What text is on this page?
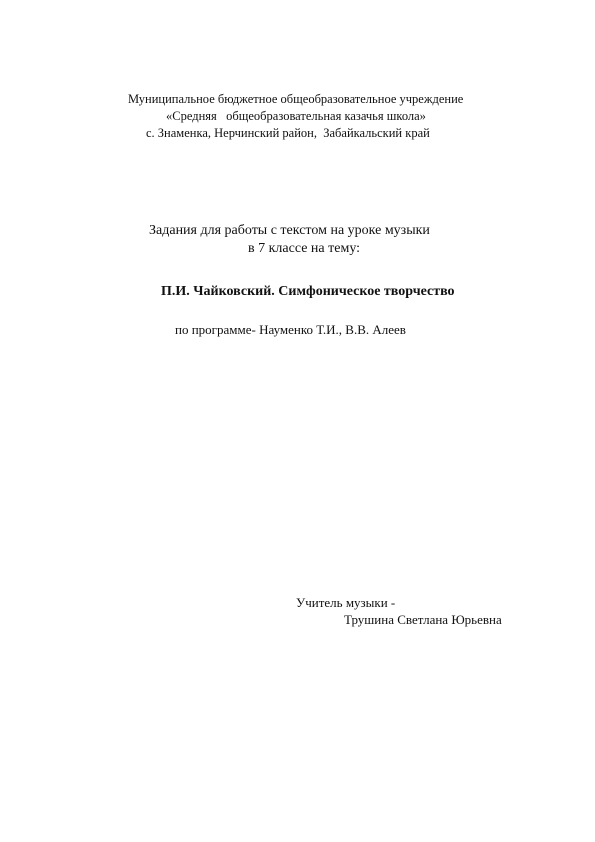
Муниципальное бюджетное общеобразовательное учреждение
«Средняя   общеобразовательная казачья школа»
с. Знаменка, Нерчинский район,  Забайкальский край
Задания для работы с текстом на уроке музыки
в 7 классе на тему:
П.И. Чайковский. Симфоническое творчество
по программе- Науменко Т.И., В.В. Алеев
Учитель музыки -
Трушина Светлана Юрьевна
